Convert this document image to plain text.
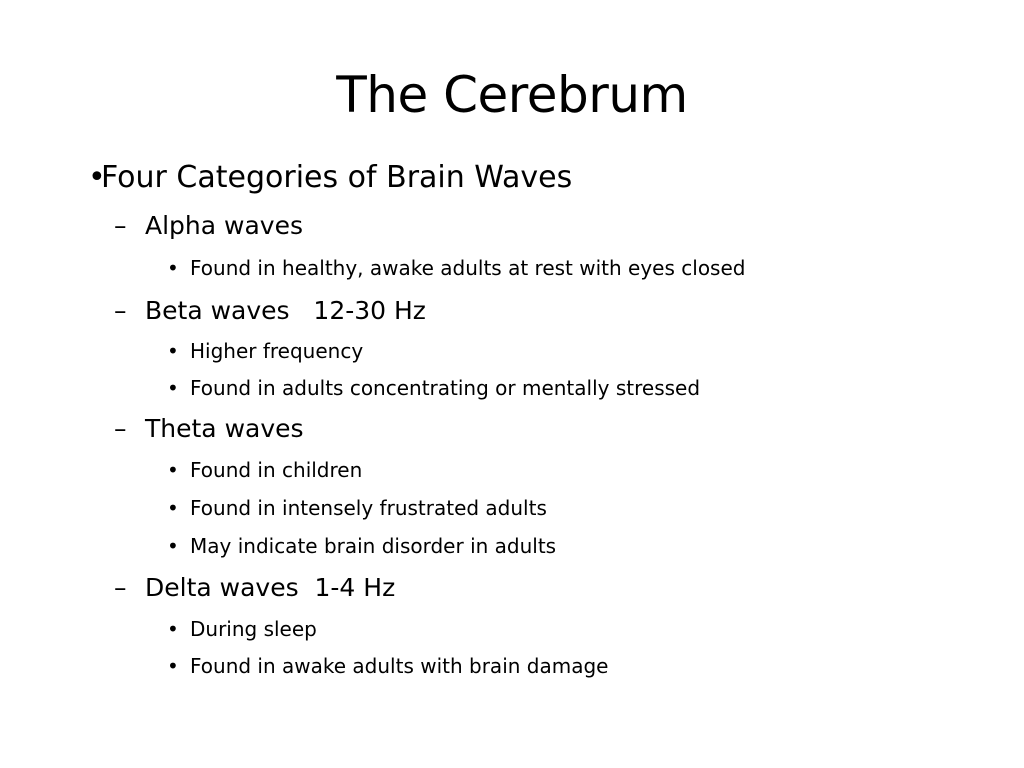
The Cerebrum
•
Four Categories of Brain Waves
– Alpha waves
• Found in healthy, awake adults at rest with eyes closed
– Beta waves   12-30 Hz
• Higher frequency
• Found in adults concentrating or mentally stressed
– Theta waves
• Found in children
• Found in intensely frustrated adults
• May indicate brain disorder in adults
– Delta waves  1-4 Hz
• During sleep
• Found in awake adults with brain damage
